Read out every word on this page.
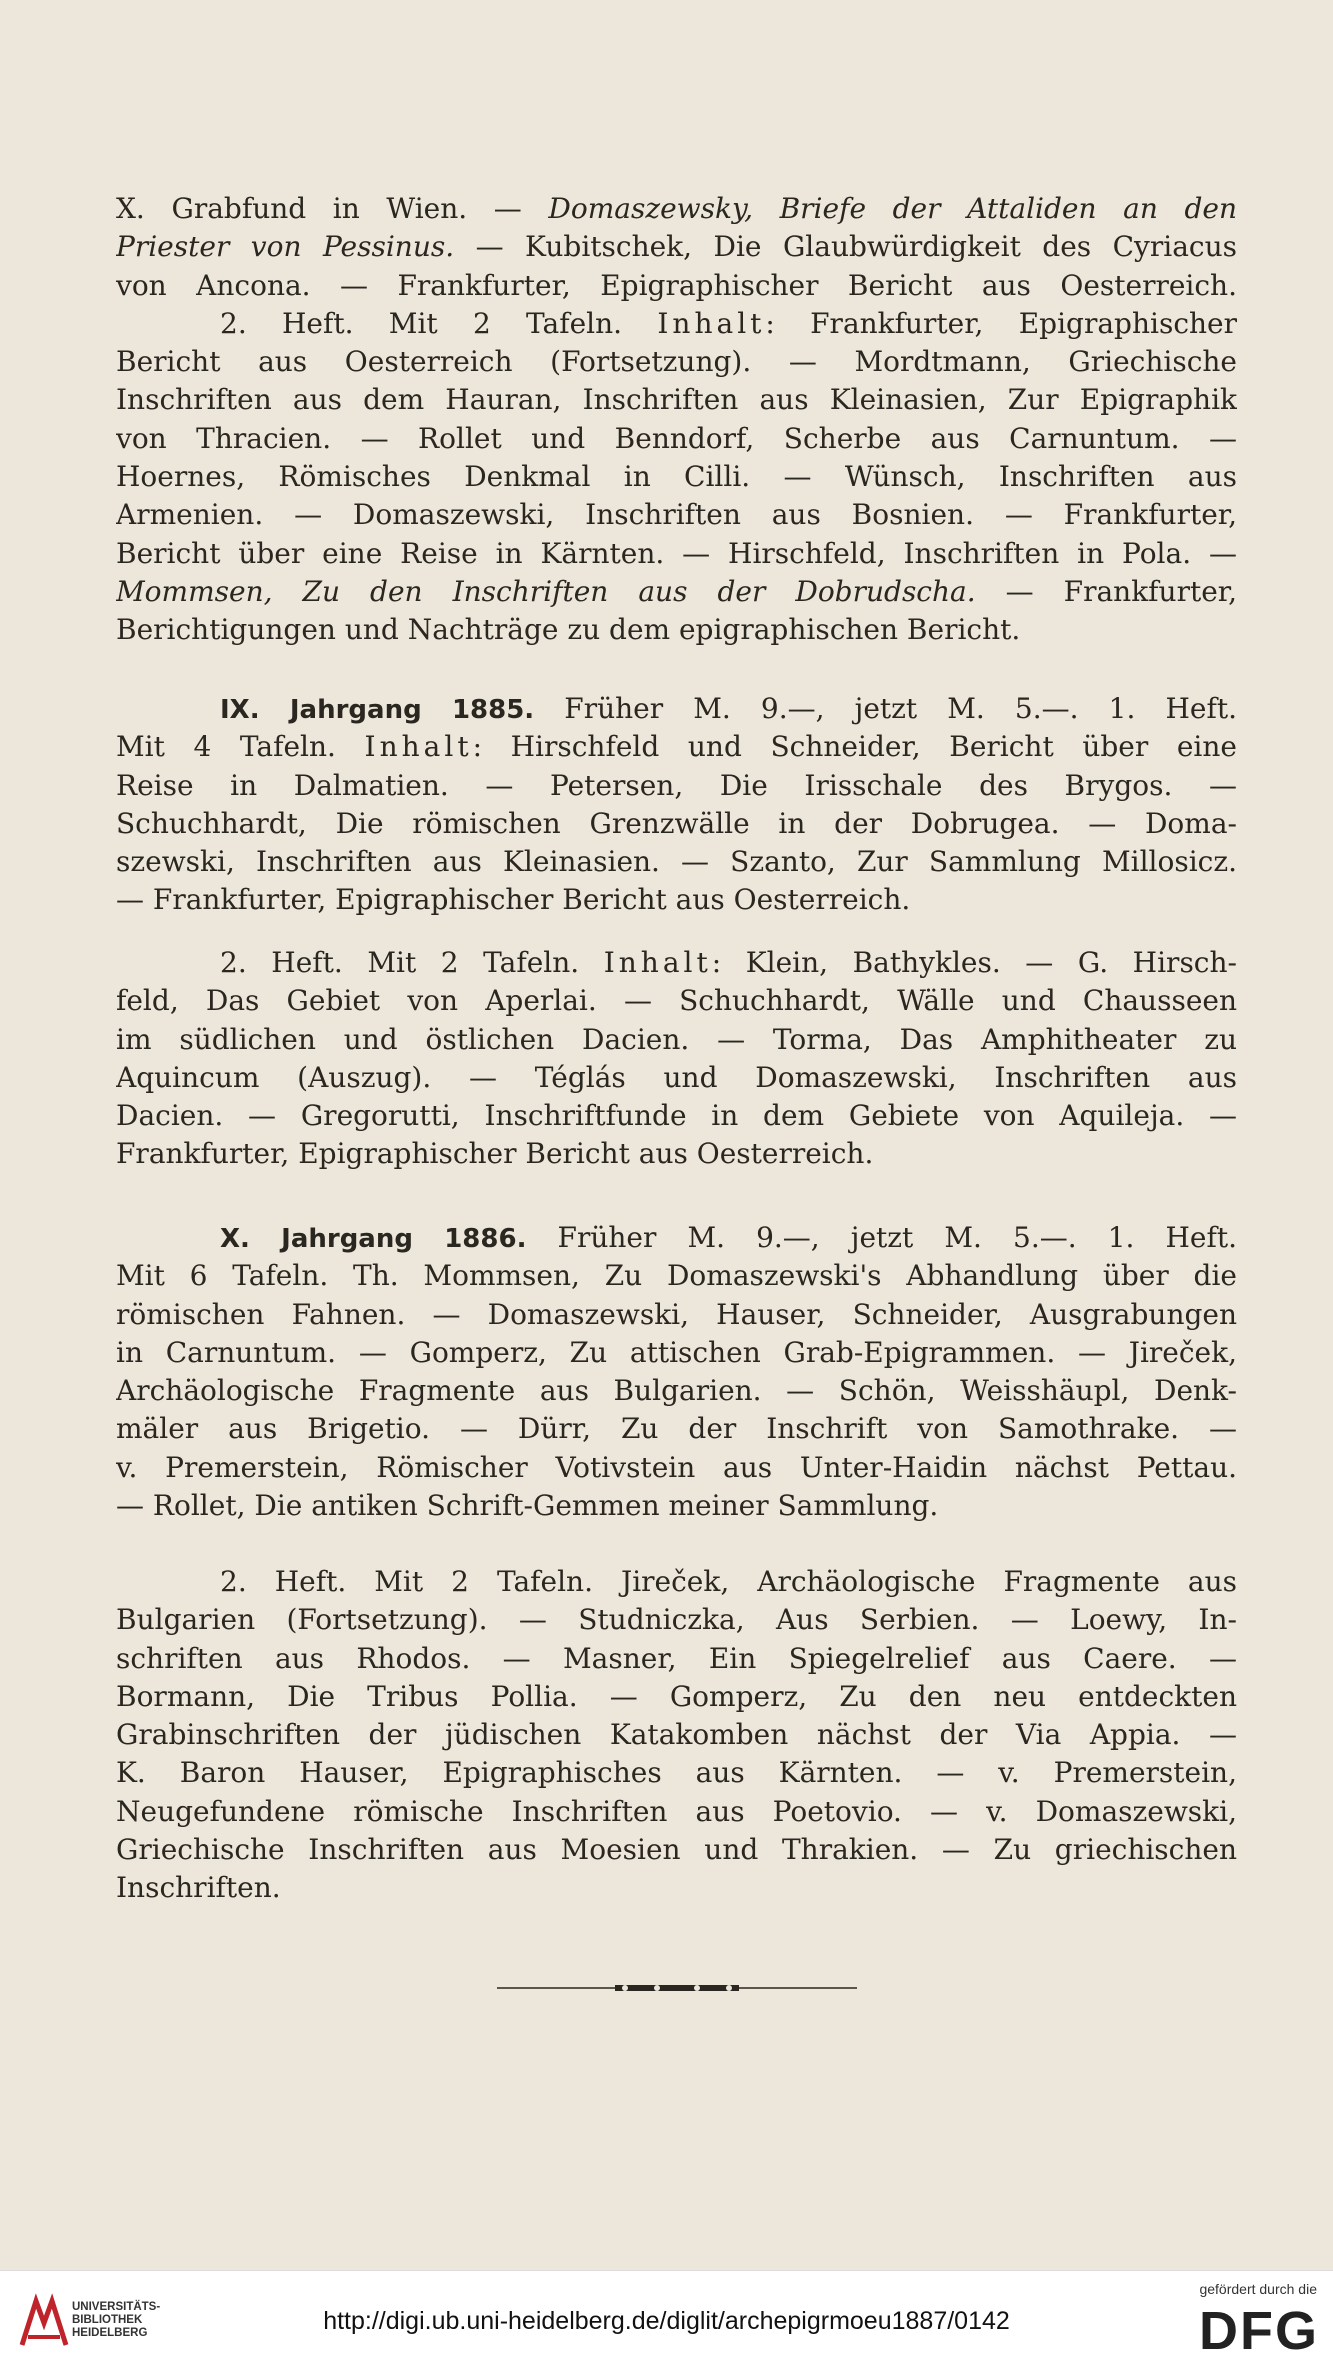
X. Grabfund in Wien. — Domaszewsky, Briefe der Attaliden an den
Priester von Pessinus. — Kubitschek, Die Glaubwürdigkeit des Cyriacus
von Ancona. — Frankfurter, Epigraphischer Bericht aus Oesterreich.
2. Heft. Mit 2 Tafeln. Inhalt: Frankfurter, Epigraphischer
Bericht aus Oesterreich (Fortsetzung). — Mordtmann, Griechische
Inschriften aus dem Hauran, Inschriften aus Kleinasien, Zur Epigraphik
von Thracien. — Rollet und Benndorf, Scherbe aus Carnuntum. —
Hoernes, Römisches Denkmal in Cilli. — Wünsch, Inschriften aus
Armenien. — Domaszewski, Inschriften aus Bosnien. — Frankfurter,
Bericht über eine Reise in Kärnten. — Hirschfeld, Inschriften in Pola. —
Mommsen, Zu den Inschriften aus der Dobrudscha. — Frankfurter,
Berichtigungen und Nachträge zu dem epigraphischen Bericht.
IX. Jahrgang 1885. Früher M. 9.—, jetzt M. 5.—. 1. Heft.
Mit 4 Tafeln. Inhalt: Hirschfeld und Schneider, Bericht über eine
Reise in Dalmatien. — Petersen, Die Irisschale des Brygos. —
Schuchhardt, Die römischen Grenzwälle in der Dobrugea. — Doma-
szewski, Inschriften aus Kleinasien. — Szanto, Zur Sammlung Millosicz.
— Frankfurter, Epigraphischer Bericht aus Oesterreich.
2. Heft. Mit 2 Tafeln. Inhalt: Klein, Bathykles. — G. Hirsch-
feld, Das Gebiet von Aperlai. — Schuchhardt, Wälle und Chausseen
im südlichen und östlichen Dacien. — Torma, Das Amphitheater zu
Aquincum (Auszug). — Téglás und Domaszewski, Inschriften aus
Dacien. — Gregorutti, Inschriftfunde in dem Gebiete von Aquileja. —
Frankfurter, Epigraphischer Bericht aus Oesterreich.
X. Jahrgang 1886. Früher M. 9.—, jetzt M. 5.—. 1. Heft.
Mit 6 Tafeln. Th. Mommsen, Zu Domaszewski's Abhandlung über die
römischen Fahnen. — Domaszewski, Hauser, Schneider, Ausgrabungen
in Carnuntum. — Gomperz, Zu attischen Grab-Epigrammen. — Jireček,
Archäologische Fragmente aus Bulgarien. — Schön, Weisshäupl, Denk-
mäler aus Brigetio. — Dürr, Zu der Inschrift von Samothrake. —
v. Premerstein, Römischer Votivstein aus Unter-Haidin nächst Pettau.
— Rollet, Die antiken Schrift-Gemmen meiner Sammlung.
2. Heft. Mit 2 Tafeln. Jireček, Archäologische Fragmente aus
Bulgarien (Fortsetzung). — Studniczka, Aus Serbien. — Loewy, In-
schriften aus Rhodos. — Masner, Ein Spiegelrelief aus Caere. —
Bormann, Die Tribus Pollia. — Gomperz, Zu den neu entdeckten
Grabinschriften der jüdischen Katakomben nächst der Via Appia. —
K. Baron Hauser, Epigraphisches aus Kärnten. — v. Premerstein,
Neugefundene römische Inschriften aus Poetovio. — v. Domaszewski,
Griechische Inschriften aus Moesien und Thrakien. — Zu griechischen
Inschriften.
UNIVERSITÄTS-
BIBLIOTHEK
HEIDELBERG	http://digi.ub.uni-heidelberg.de/diglit/archepigrmoeu1887/0142
gefördert durch die
DFG
